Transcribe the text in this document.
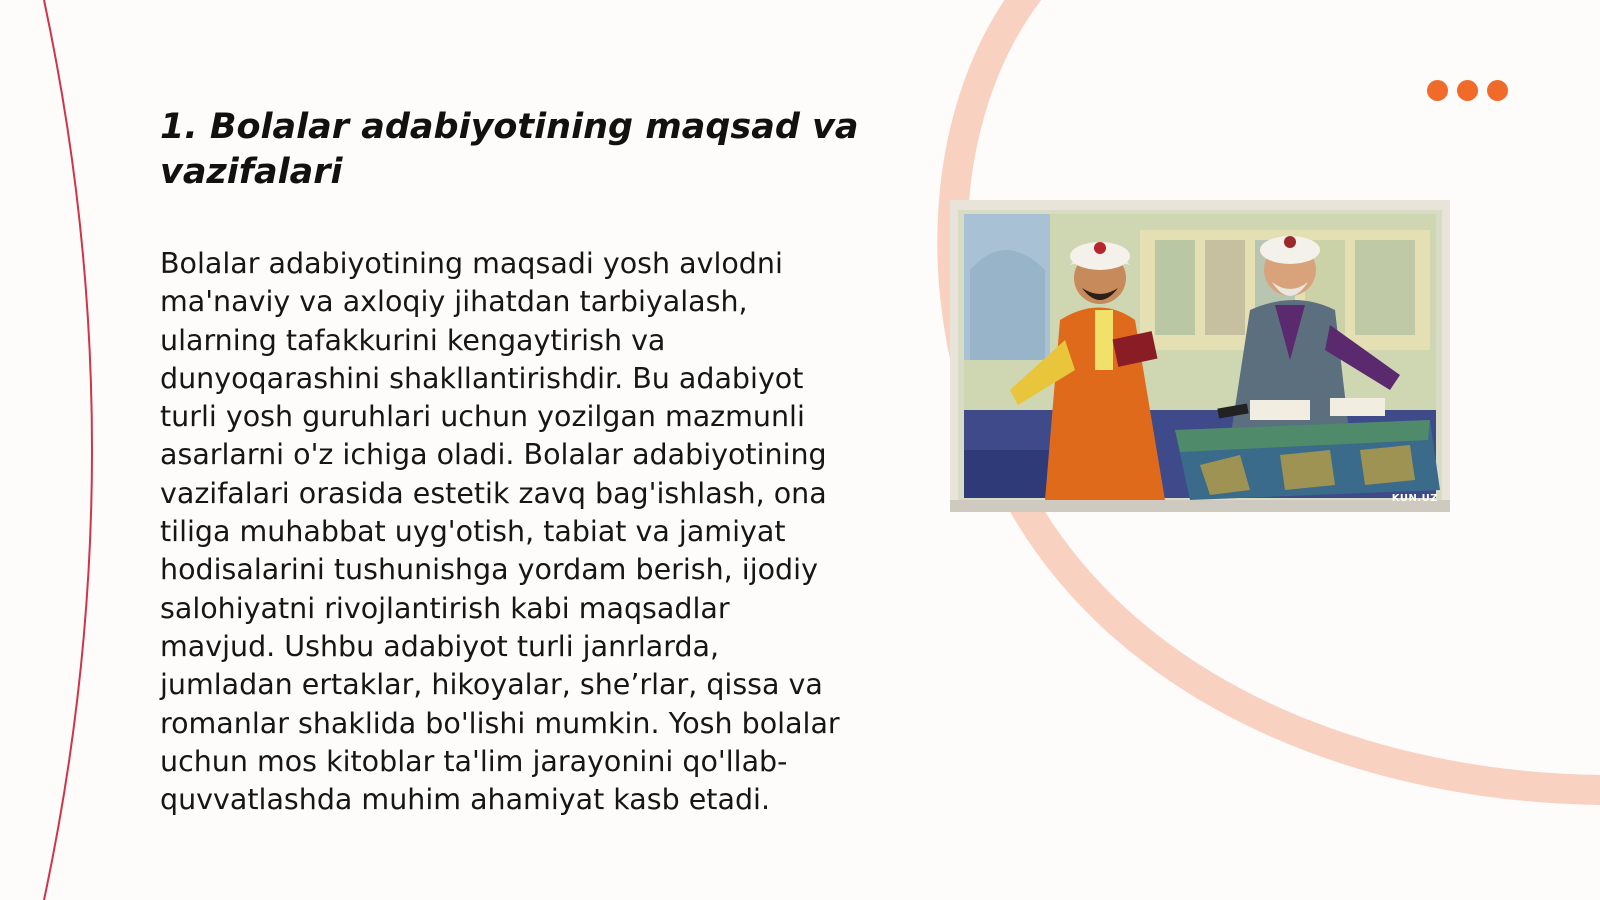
1. Bolalar adabiyotining maqsad va vazifalari

Bolalar adabiyotining maqsadi yosh avlodni ma'naviy va axloqiy jihatdan tarbiyalash, ularning tafakkurini kengaytirish va dunyoqarashini shakllantirishdir. Bu adabiyot turli yosh guruhlari uchun yozilgan mazmunli asarlarni o'z ichiga oladi. Bolalar adabiyotining vazifalari orasida estetik zavq bag'ishlash, ona tiliga muhabbat uyg'otish, tabiat va jamiyat hodisalarini tushunishga yordam berish, ijodiy salohiyatni rivojlantirish kabi maqsadlar mavjud. Ushbu adabiyot turli janrlarda, jumladan ertaklar, hikoyalar, she’rlar, qissa va romanlar shaklida bo'lishi mumkin. Yosh bolalar uchun mos kitoblar ta'lim jarayonini qo'llab-quvvatlashda muhim ahamiyat kasb etadi.

KUN.UZ
